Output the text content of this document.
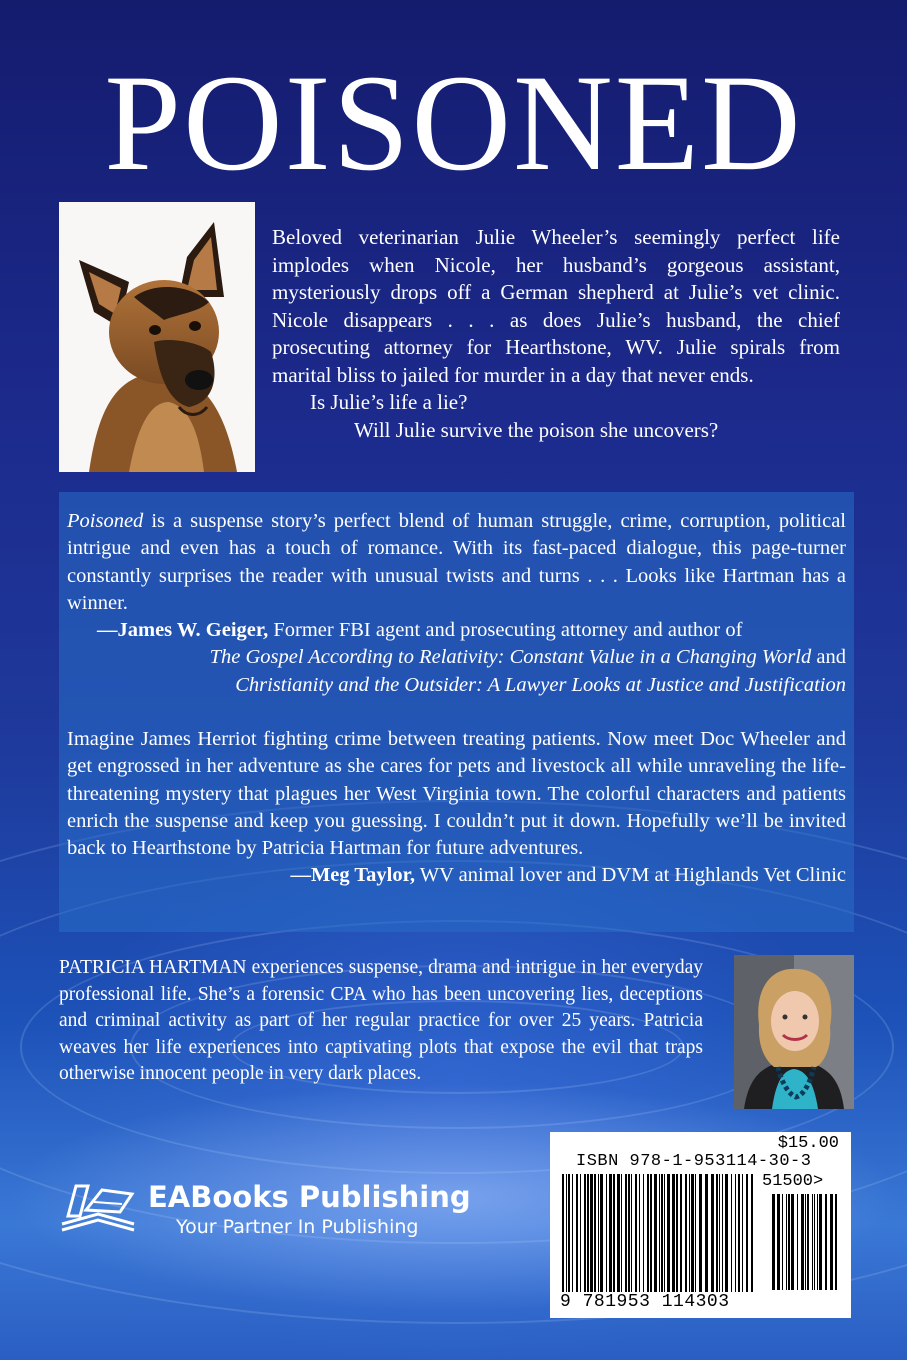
POISONED

Beloved veterinarian Julie Wheeler’s seemingly perfect life implodes when Nicole, her husband’s gorgeous assistant, mysteriously drops off a German shepherd at Julie’s vet clinic. Nicole disappears . . . as does Julie’s husband, the chief prosecuting attorney for Hearthstone, WV. Julie spirals from marital bliss to jailed for murder in a day that never ends.

Is Julie’s life a lie?
Will Julie survive the poison she uncovers?

Poisoned is a suspense story’s perfect blend of human struggle, crime, corruption, political intrigue and even has a touch of romance. With its fast-paced dialogue, this page-turner constantly surprises the reader with unusual twists and turns . . . Looks like Hartman has a winner.

—James W. Geiger, Former FBI agent and prosecuting attorney and author of
The Gospel According to Relativity: Constant Value in a Changing World and
Christianity and the Outsider: A Lawyer Looks at Justice and Justification

Imagine James Herriot fighting crime between treating patients. Now meet Doc Wheeler and get engrossed in her adventure as she cares for pets and livestock all while unraveling the life-threatening mystery that plagues her West Virginia town. The colorful characters and patients enrich the suspense and keep you guessing. I couldn’t put it down. Hopefully we’ll be invited back to Hearthstone by Patricia Hartman for future adventures.

—Meg Taylor, WV animal lover and DVM at Highlands Vet Clinic
PATRICIA HARTMAN experiences suspense, drama and intrigue in her everyday professional life. She’s a forensic CPA who has been uncovering lies, deceptions and criminal activity as part of her regular practice for over 25 years. Patricia weaves her life experiences into captivating plots that expose the evil that traps otherwise innocent people in very dark places.
EABooks Publishing
Your Partner In Publishing
$15.00
ISBN 978-1-953114-30-3
51500>
9 781953 114303
